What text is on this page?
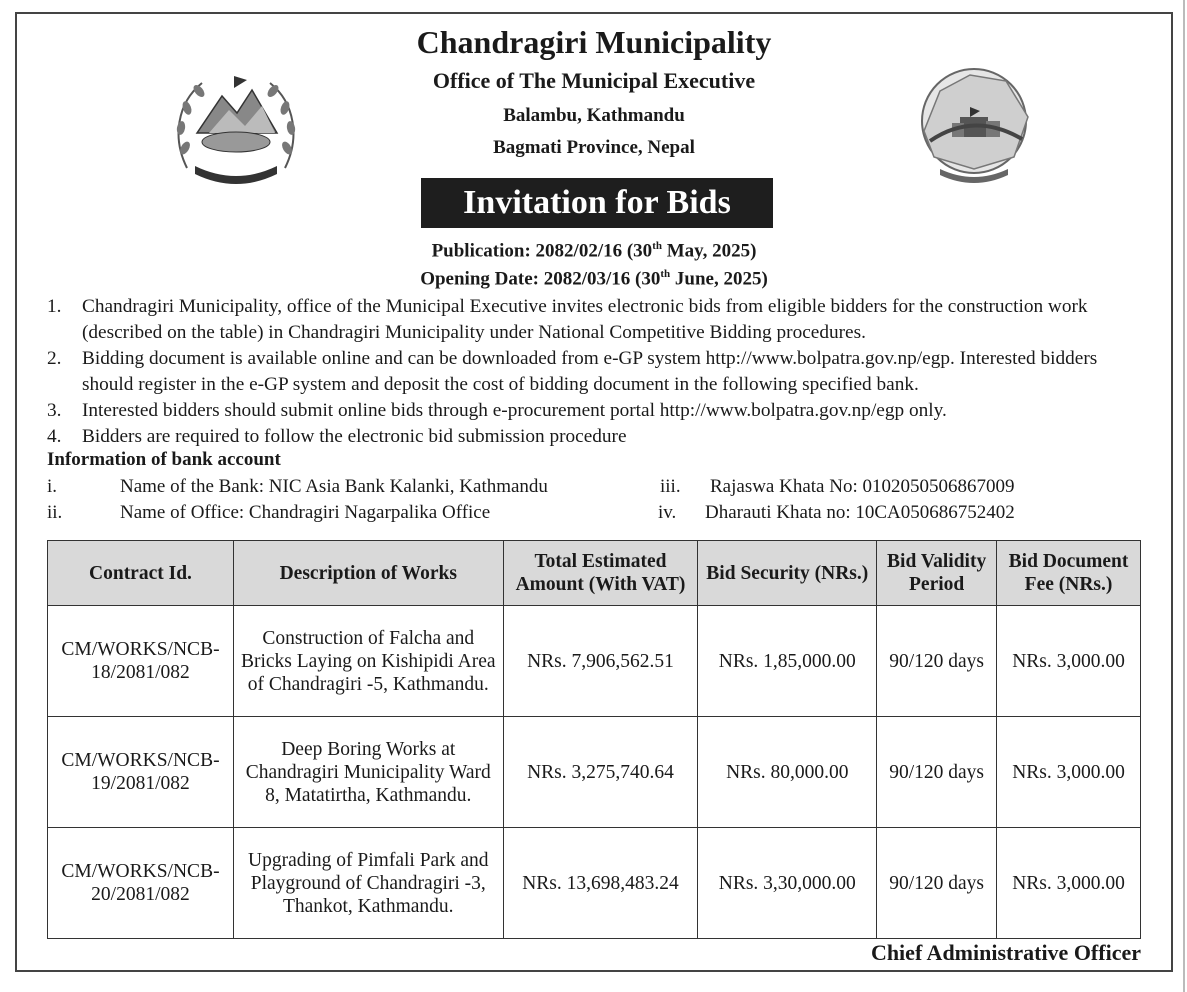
Chandragiri Municipality
Office of The Municipal Executive
Balambu, Kathmandu
Bagmati Province, Nepal
Invitation for Bids
Publication: 2082/02/16 (30th May, 2025)
Opening Date: 2082/03/16 (30th June, 2025)
1. Chandragiri Municipality, office of the Municipal Executive invites electronic bids from eligible bidders for the construction work (described on the table) in Chandragiri Municipality under National Competitive Bidding procedures.
2. Bidding document is available online and can be downloaded from e-GP system http://www.bolpatra.gov.np/egp. Interested bidders should register in the e-GP system and deposit the cost of bidding document in the following specified bank.
3. Interested bidders should submit online bids through e-procurement portal http://www.bolpatra.gov.np/egp only.
4. Bidders are required to follow the electronic bid submission procedure
Information of bank account
i.	Name of the Bank: NIC Asia Bank Kalanki, Kathmandu
ii.	Name of Office: Chandragiri Nagarpalika Office
iii. Rajaswa Khata No: 0102050506867009
iv. Dharauti Khata no: 10CA050686752402
Contract Id.	Description of Works	Total Estimated Amount (With VAT)	Bid Security (NRs.)	Bid Validity Period	Bid Document Fee (NRs.)
CM/WORKS/NCB-18/2081/082	Construction of Falcha and Bricks Laying on Kishipidi Area of Chandragiri -5, Kathmandu.	NRs. 7,906,562.51	NRs. 1,85,000.00	90/120 days	NRs. 3,000.00
CM/WORKS/NCB-19/2081/082	Deep Boring Works at Chandragiri Municipality Ward 8, Matatirtha, Kathmandu.	NRs. 3,275,740.64	NRs. 80,000.00	90/120 days	NRs. 3,000.00
CM/WORKS/NCB-20/2081/082	Upgrading of Pimfali Park and Playground of Chandragiri -3, Thankot, Kathmandu.	NRs. 13,698,483.24	NRs. 3,30,000.00	90/120 days	NRs. 3,000.00
Chief Administrative Officer
